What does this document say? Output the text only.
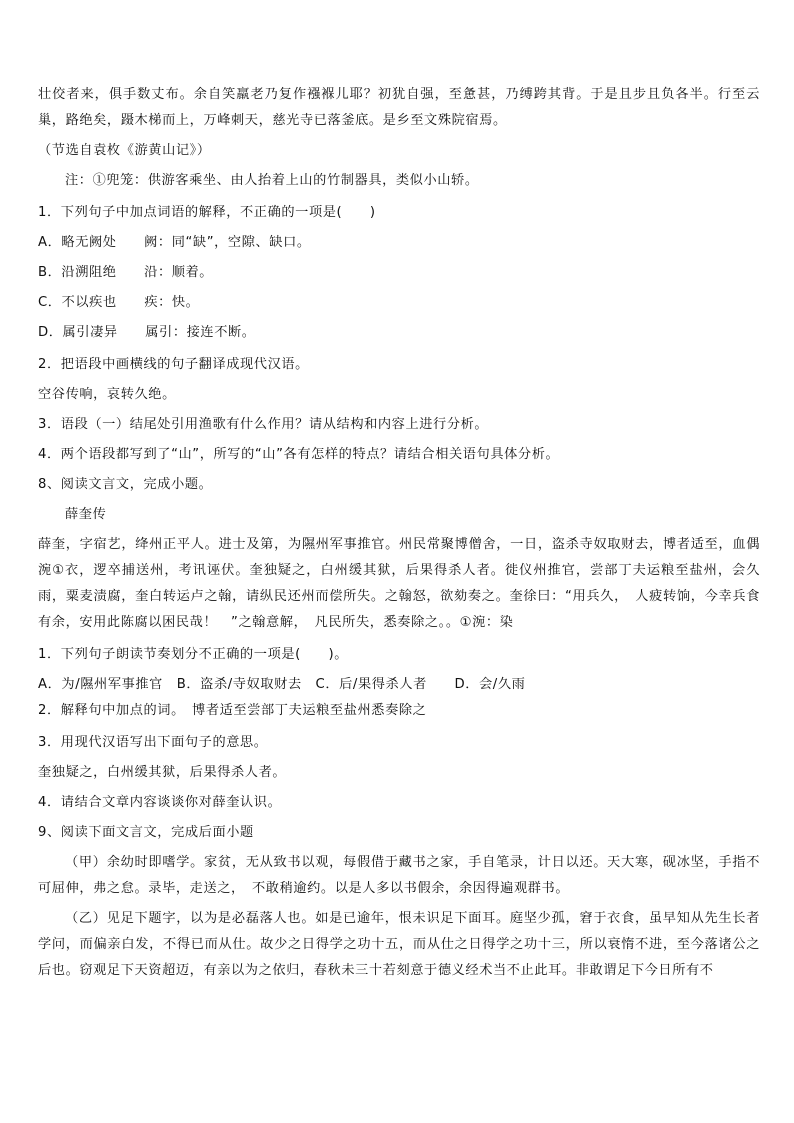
壮佼者来，俱手数丈布。余自笑羸老乃复作襁褓儿耶？初犹自强，至惫甚，乃缚跨其背。于是且步且负各半。行至云巢，路绝矣，蹑木梯而上，万峰刺天，慈光寺已落釜底。是乡至文殊院宿焉。

（节选自袁枚《游黄山记》）

注：①兜笼：供游客乘坐、由人抬着上山的竹制器具，类似小山轿。

1．下列句子中加点词语的解释，不正确的一项是(　　)

A．略无阙处　　阙：同“缺”，空隙、缺口。

B．沿溯阻绝　　沿：顺着。

C．不以疾也　　疾：快。

D．属引凄异　　属引：接连不断。

2．把语段中画横线的句子翻译成现代汉语。

空谷传响，哀转久绝。

3．语段（一）结尾处引用渔歌有什么作用？请从结构和内容上进行分析。

4．两个语段都写到了“山”，所写的“山”各有怎样的特点？请结合相关语句具体分析。

8、阅读文言文，完成小题。

薛奎传

薛奎，字宿艺，绛州正平人。进士及第，为隰州军事推官。州民常聚博僧舍，一日，盗杀寺奴取财去，博者适至，血偶涴①衣，逻卒捕送州，考讯诬伏。奎独疑之，白州缓其狱，后果得杀人者。徙仪州推官，尝部丁夫运粮至盐州，会久雨，粟麦渍腐，奎白转运卢之翰，请纵民还州而偿所失。之翰怒，欲劾奏之。奎徐曰：“用兵久，　人疲转饷，今幸兵食有余，安用此陈腐以困民哉！　”之翰意解，　凡民所失，悉奏除之。。①涴：染

1．下列句子朗读节奏划分不正确的一项是(　　)。

A．为/隰州军事推官　B．盗杀/寺奴取财去　C．后/果得杀人者　　D．会/久雨

2．解释句中加点的词。　博者适至尝部丁夫运粮至盐州悉奏除之

3．用现代汉语写出下面句子的意思。

奎独疑之，白州缓其狱，后果得杀人者。

4．请结合文章内容谈谈你对薛奎认识。

9、阅读下面文言文，完成后面小题

（甲）余幼时即嗜学。家贫，无从致书以观，每假借于藏书之家，手自笔录，计日以还。天大寒，砚冰坚，手指不可屈伸，弗之怠。录毕，走送之，　不敢稍逾约。以是人多以书假余，余因得遍观群书。

（乙）见足下题字，以为是必磊落人也。如是已逾年，恨未识足下面耳。庭坚少孤，窘于衣食，虽早知从先生长者学问，而偏亲白发，不得已而从仕。故少之日得学之功十五，而从仕之日得学之功十三，所以衰惰不进，至今落诸公之后也。窃观足下天资超迈，有亲以为之依归，春秋未三十若刻意于德义经术当不止此耳。非敢谓足下今日所有不
